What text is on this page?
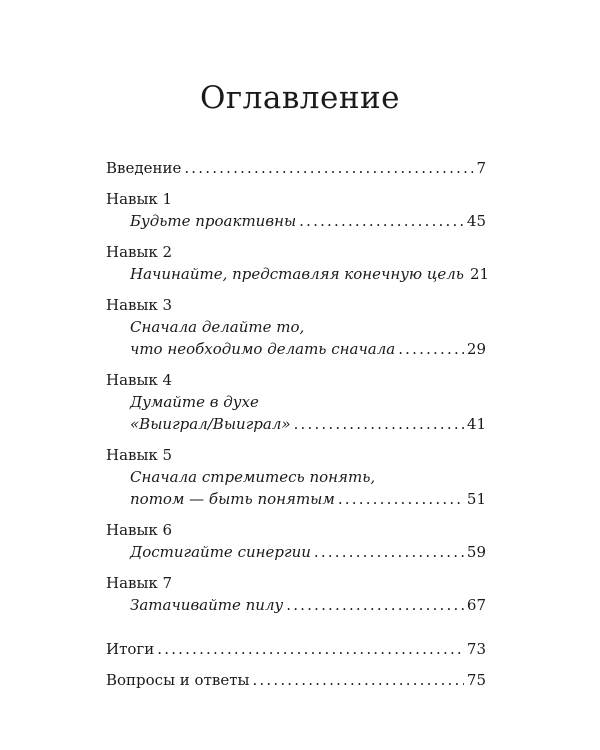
Оглавление
Введение .....	7
Навык 1
Будьте проактивны .....	45
Навык 2
Начинайте, представляя конечную цель 21
Навык 3
Сначала делайте то,
что необходимо делать сначала .....	29
Навык 4
Думайте в духе
«Выиграл/Выиграл» .....	41
Навык 5
Сначала стремитесь понять,
потом — быть понятым .....	51
Навык 6
Достигайте синергии .....	59
Навык 7
Затачивайте пилу .....	67
Итоги .....	73
Вопросы и ответы .....	75
